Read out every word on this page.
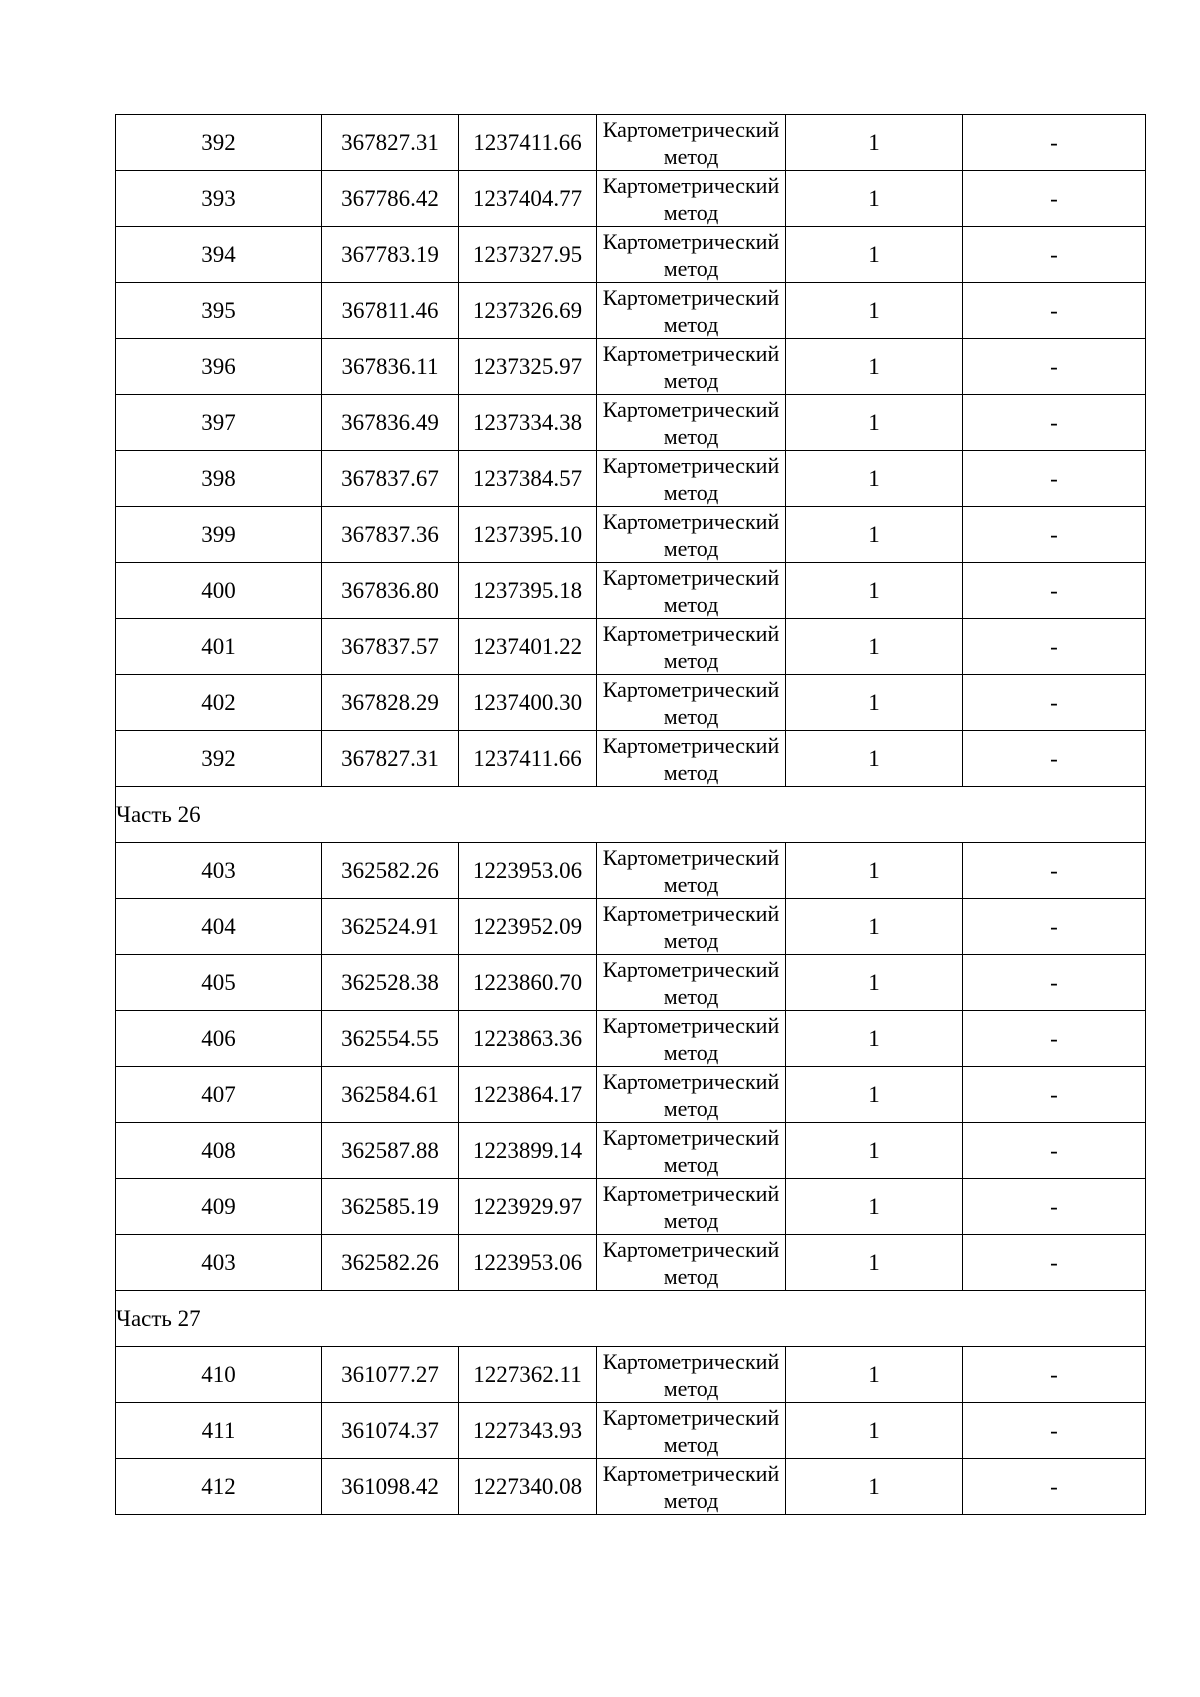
392	367827.31	1237411.66	Картометрический метод	1	-
393	367786.42	1237404.77	Картометрический метод	1	-
394	367783.19	1237327.95	Картометрический метод	1	-
395	367811.46	1237326.69	Картометрический метод	1	-
396	367836.11	1237325.97	Картометрический метод	1	-
397	367836.49	1237334.38	Картометрический метод	1	-
398	367837.67	1237384.57	Картометрический метод	1	-
399	367837.36	1237395.10	Картометрический метод	1	-
400	367836.80	1237395.18	Картометрический метод	1	-
401	367837.57	1237401.22	Картометрический метод	1	-
402	367828.29	1237400.30	Картометрический метод	1	-
392	367827.31	1237411.66	Картометрический метод	1	-
Часть 26					
403	362582.26	1223953.06	Картометрический метод	1	-
404	362524.91	1223952.09	Картометрический метод	1	-
405	362528.38	1223860.70	Картометрический метод	1	-
406	362554.55	1223863.36	Картометрический метод	1	-
407	362584.61	1223864.17	Картометрический метод	1	-
408	362587.88	1223899.14	Картометрический метод	1	-
409	362585.19	1223929.97	Картометрический метод	1	-
403	362582.26	1223953.06	Картометрический метод	1	-
Часть 27					
410	361077.27	1227362.11	Картометрический метод	1	-
411	361074.37	1227343.93	Картометрический метод	1	-
412	361098.42	1227340.08	Картометрический метод	1	-
